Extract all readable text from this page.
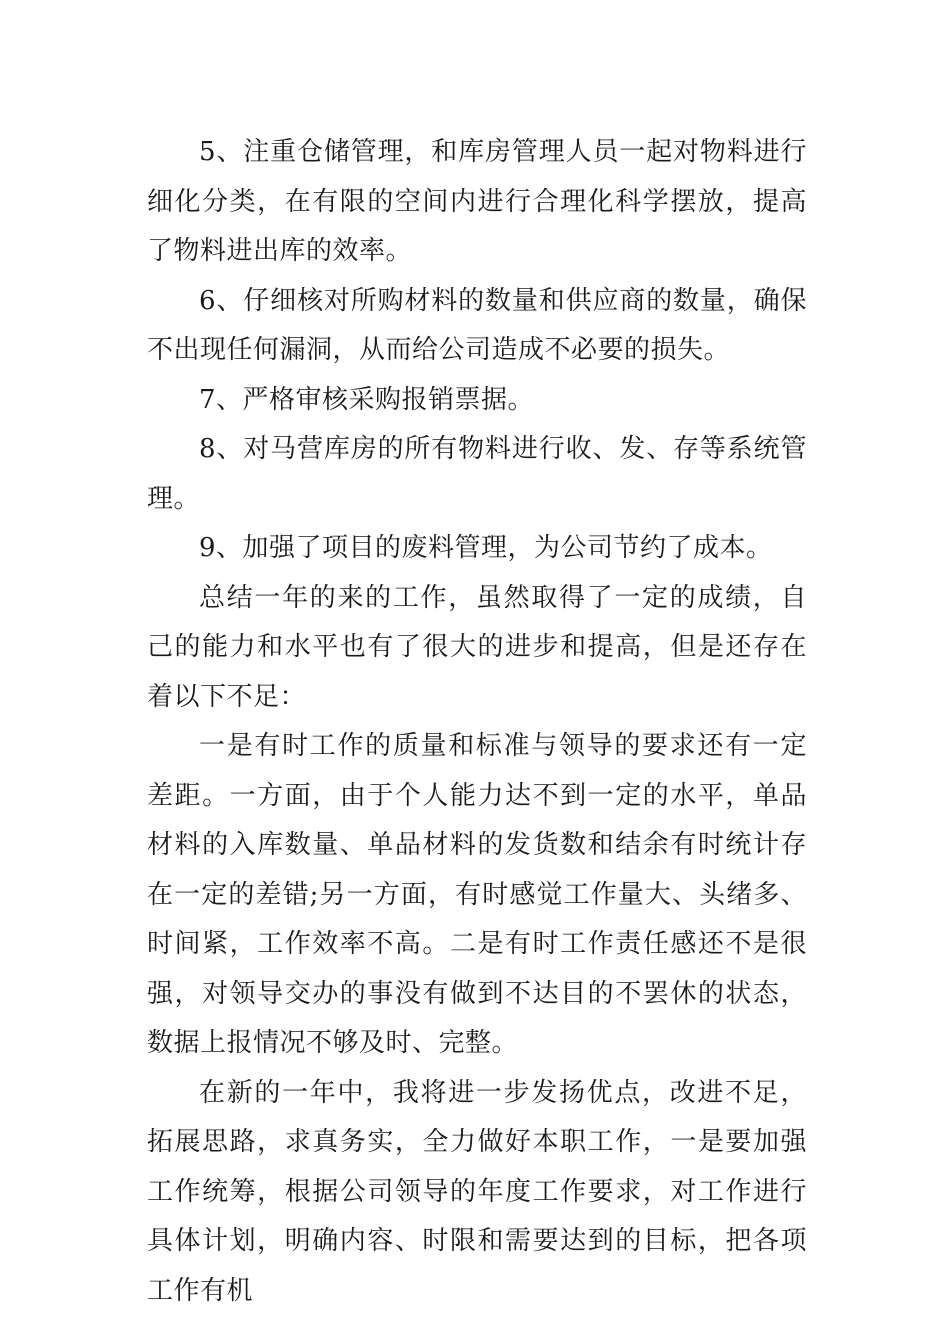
5、注重仓储管理，和库房管理人员一起对物料进行细化分类，在有限的空间内进行合理化科学摆放，提高了物料进出库的效率。

6、仔细核对所购材料的数量和供应商的数量，确保不出现任何漏洞，从而给公司造成不必要的损失。

7、严格审核采购报销票据。

8、对马营库房的所有物料进行收、发、存等系统管理。

9、加强了项目的废料管理，为公司节约了成本。

总结一年的来的工作，虽然取得了一定的成绩，自己的能力和水平也有了很大的进步和提高，但是还存在着以下不足：

一是有时工作的质量和标准与领导的要求还有一定差距。一方面，由于个人能力达不到一定的水平，单品材料的入库数量、单品材料的发货数和结余有时统计存在一定的差错;另一方面，有时感觉工作量大、头绪多、时间紧，工作效率不高。二是有时工作责任感还不是很强，对领导交办的事没有做到不达目的不罢休的状态，数据上报情况不够及时、完整。

在新的一年中，我将进一步发扬优点，改进不足，拓展思路，求真务实，全力做好本职工作，一是要加强工作统筹，根据公司领导的年度工作要求，对工作进行具体计划，明确内容、时限和需要达到的目标，把各项工作有机
